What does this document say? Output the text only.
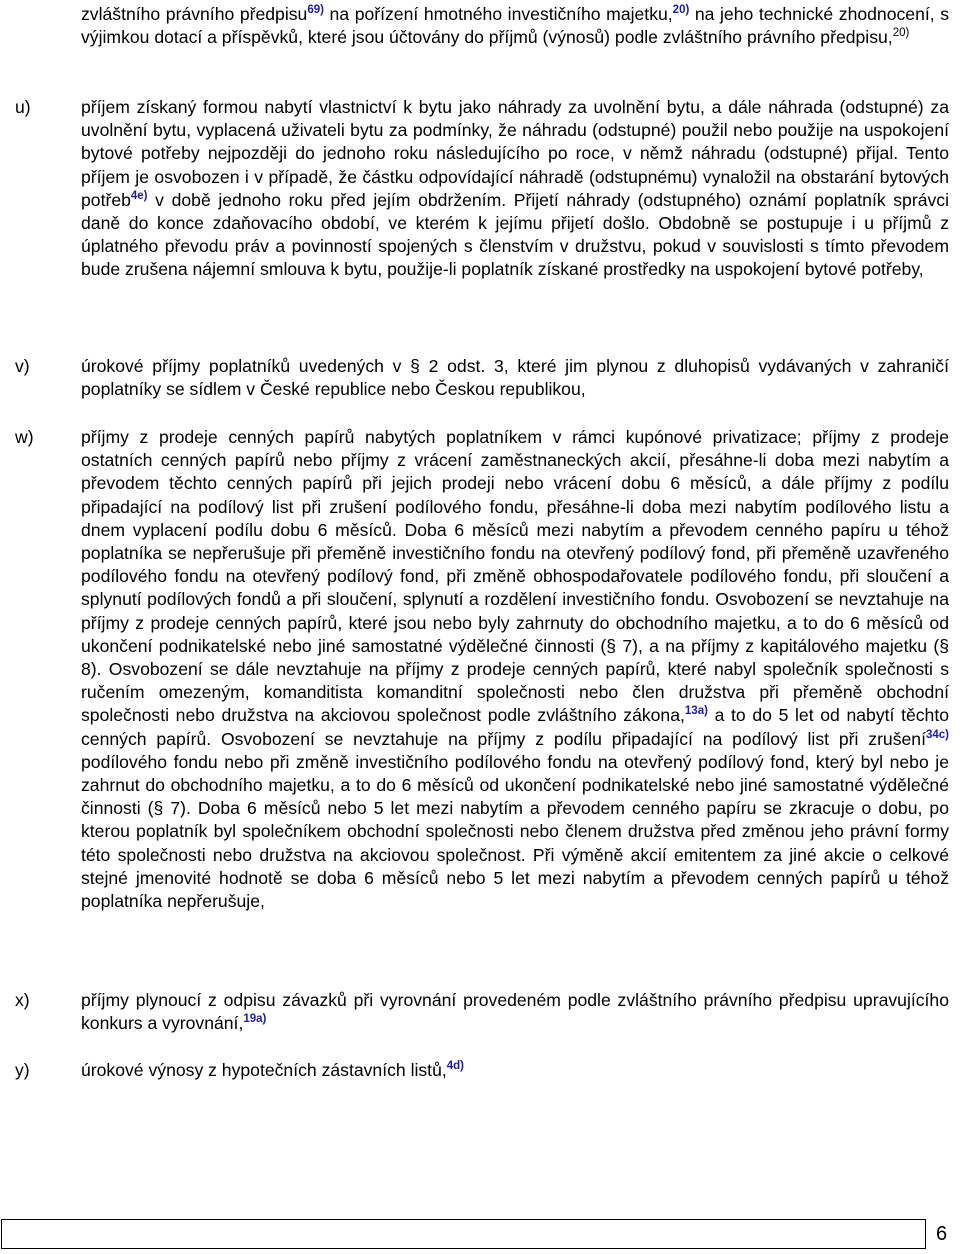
zvláštního právního předpisu$^{69)}$ na pořízení hmotného investičního majetku,$^{20)}$ na jeho technické zhodnocení, s výjimkou dotací a příspěvků, které jsou účtovány do příjmů (výnosů) podle zvláštního právního předpisu,$^{20)}$

u)	příjem získaný formou nabytí vlastnictví k bytu jako náhrady za uvolnění bytu, a dále náhrada (odstupné) za uvolnění bytu, vyplacená uživateli bytu za podmínky, že náhradu (odstupné) použil nebo použije na uspokojení bytové potřeby nejpozději do jednoho roku následujícího po roce, v němž náhradu (odstupné) přijal. Tento příjem je osvobozen i v případě, že částku odpovídající náhradě (odstupnému) vynaložil na obstarání bytových potřeb$^{4e)}$ v době jednoho roku před jejím obdržením. Přijetí náhrady (odstupného) oznámí poplatník správci daně do konce zdaňovacího období, ve kterém k jejímu přijetí došlo. Obdobně se postupuje i u příjmů z úplatného převodu práv a povinností spojených s členstvím v družstvu, pokud v souvislosti s tímto převodem bude zrušena nájemní smlouva k bytu, použije-li poplatník získané prostředky na uspokojení bytové potřeby,

v)	úrokové příjmy poplatníků uvedených v § 2 odst. 3, které jim plynou z dluhopisů vydávaných v zahraničí poplatníky se sídlem v České republice nebo Českou republikou,

w)	příjmy z prodeje cenných papírů nabytých poplatníkem v rámci kupónové privatizace; příjmy z prodeje ostatních cenných papírů nebo příjmy z vrácení zaměstnaneckých akcií, přesáhne-li doba mezi nabytím a převodem těchto cenných papírů při jejich prodeji nebo vrácení dobu 6 měsíců, a dále příjmy z podílu připadající na podílový list při zrušení podílového fondu, přesáhne-li doba mezi nabytím podílového listu a dnem vyplacení podílu dobu 6 měsíců. Doba 6 měsíců mezi nabytím a převodem cenného papíru u téhož poplatníka se nepřerušuje při přeměně investičního fondu na otevřený podílový fond, při přeměně uzavřeného podílového fondu na otevřený podílový fond, při změně obhospodařovatele podílového fondu, při sloučení a splynutí podílových fondů a při sloučení, splynutí a rozdělení investičního fondu. Osvobození se nevztahuje na příjmy z prodeje cenných papírů, které jsou nebo byly zahrnuty do obchodního majetku, a to do 6 měsíců od ukončení podnikatelské nebo jiné samostatné výdělečné činnosti (§ 7), a na příjmy z kapitálového majetku (§ 8). Osvobození se dále nevztahuje na příjmy z prodeje cenných papírů, které nabyl společník společnosti s ručením omezeným, komanditista komanditní společnosti nebo člen družstva při přeměně obchodní společnosti nebo družstva na akciovou společnost podle zvláštního zákona,$^{13a)}$ a to do 5 let od nabytí těchto cenných papírů. Osvobození se nevztahuje na příjmy z podílu připadající na podílový list při zrušení$^{34c)}$ podílového fondu nebo při změně investičního podílového fondu na otevřený podílový fond, který byl nebo je zahrnut do obchodního majetku, a to do 6 měsíců od ukončení podnikatelské nebo jiné samostatné výdělečné činnosti (§ 7). Doba 6 měsíců nebo 5 let mezi nabytím a převodem cenného papíru se zkracuje o dobu, po kterou poplatník byl společníkem obchodní společnosti nebo členem družstva před změnou jeho právní formy této společnosti nebo družstva na akciovou společnost. Při výměně akcií emitentem za jiné akcie o celkové stejné jmenovité hodnotě se doba 6 měsíců nebo 5 let mezi nabytím a převodem cenných papírů u téhož poplatníka nepřerušuje,

x)	příjmy plynoucí z odpisu závazků při vyrovnání provedeném podle zvláštního právního předpisu upravujícího konkurs a vyrovnání,$^{19a)}$

y)	úrokové výnosy z hypotečních zástavních listů,$^{4d)}$

6
